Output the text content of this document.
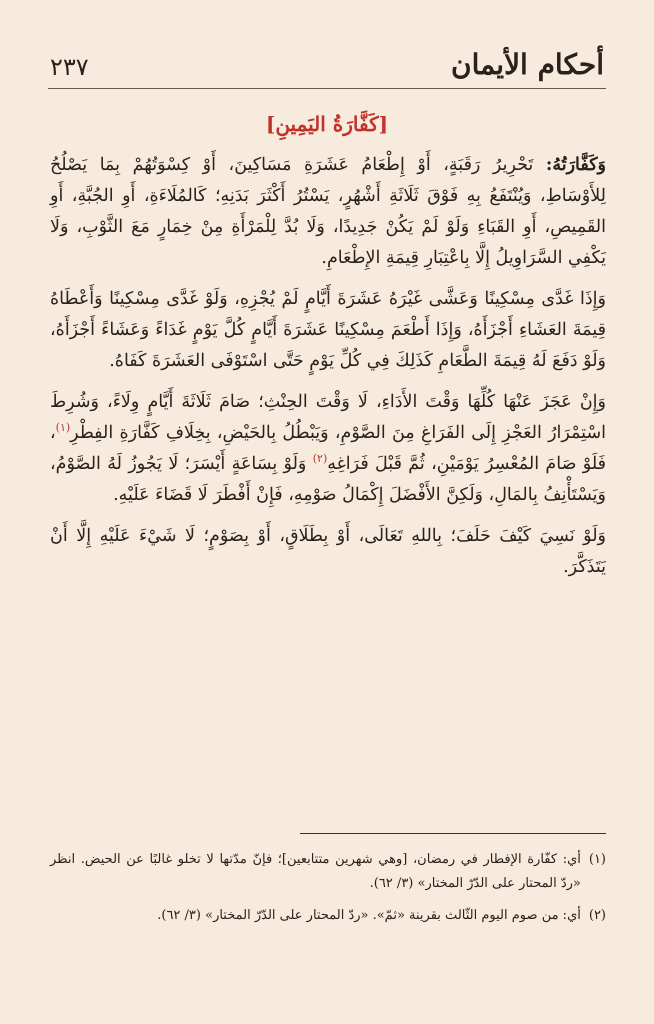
٢٣٧	أحكام الأيمان
[كَفَّارَةُ اليَمِينِ]

وَكَفَّارَتُهُ: تَحْرِيرُ رَقَبَةٍ، أَوْ إِطْعَامُ عَشَرَةِ مَسَاكِينَ، أَوْ كِسْوَتُهُمْ بِمَا يَصْلُحُ لِلأَوْسَاطِ، وَيُنْتَفَعُ بِهِ فَوْقَ ثَلَاثَةِ أَشْهُرٍ، يَسْتُرُ أَكْثَرَ بَدَنِهِ؛ كَالمُلَاءَةِ، أَوِ الجُبَّةِ، أَوِ القَمِيصِ، أَوِ القَبَاءِ وَلَوْ لَمْ يَكُنْ جَدِيدًا، وَلَا بُدَّ لِلْمَرْأَةِ مِنْ خِمَارٍ مَعَ الثَّوْبِ، وَلَا يَكْفِي السَّرَاوِيلُ إِلَّا بِاعْتِبَارِ قِيمَةِ الإِطْعَامِ.

وَإِذَا غَدَّى مِسْكِينًا وَعَشَّى غَيْرَهُ عَشَرَةَ أَيَّامٍ لَمْ يُجْزِهِ، وَلَوْ غَدَّى مِسْكِينًا وَأَعْطَاهُ قِيمَةَ العَشَاءِ أَجْزَأَهُ، وَإِذَا أَطْعَمَ مِسْكِينًا عَشَرَةَ أَيَّامٍ كُلَّ يَوْمٍ غَدَاءً وَعَشَاءً أَجْزَأَهُ، وَلَوْ دَفَعَ لَهُ قِيمَةَ الطَّعَامِ كَذَلِكَ فِي كُلِّ يَوْمٍ حَتَّى اسْتَوْفَى العَشَرَةَ كَفَاهُ.

وَإِنْ عَجَزَ عَنْهَا كُلِّهَا وَقْتَ الأَدَاءِ، لَا وَقْتَ الحِنْثِ؛ صَامَ ثَلَاثَةَ أَيَّامٍ وِلَاءً، وَشُرِطَ اسْتِمْرَارُ العَجْزِ إِلَى الفَرَاغِ مِنَ الصَّوْمِ، وَيَبْطُلُ بِالحَيْضِ، بِخِلَافِ كَفَّارَةِ الفِطْرِ$^{(١)}$، فَلَوْ صَامَ المُعْسِرُ يَوْمَيْنِ، ثُمَّ قَبْلَ فَرَاغِهِ$^{(٢)}$ وَلَوْ بِسَاعَةٍ أَيْسَرَ؛ لَا يَجُوزُ لَهُ الصَّوْمُ، وَيَسْتَأْنِفُ بِالمَالِ، وَلَكِنَّ الأَفْضَلَ إِكْمَالُ صَوْمِهِ، فَإِنْ أَفْطَرَ لَا قَضَاءَ عَلَيْهِ.

وَلَوْ نَسِيَ كَيْفَ حَلَفَ؛ بِاللهِ تَعَالَى، أَوْ بِطَلَاقٍ، أَوْ بِصَوْمٍ؛ لَا شَيْءَ عَلَيْهِ إِلَّا أَنْ يَتَذَكَّرَ.

(١)
أي: كفّارة الإفطار في رمضان، [وهي شهرين متتابعين]؛ فإنّ مدّتها لا تخلو غالبًا عن الحيض. انظر «ردّ المحتار على الدّرّ المختار» (٣/ ٦٢).
(٢)
أي: من صوم اليوم الثّالث بقرينة «ثمّ». «ردّ المحتار على الدّرّ المختار» (٣/ ٦٢).
